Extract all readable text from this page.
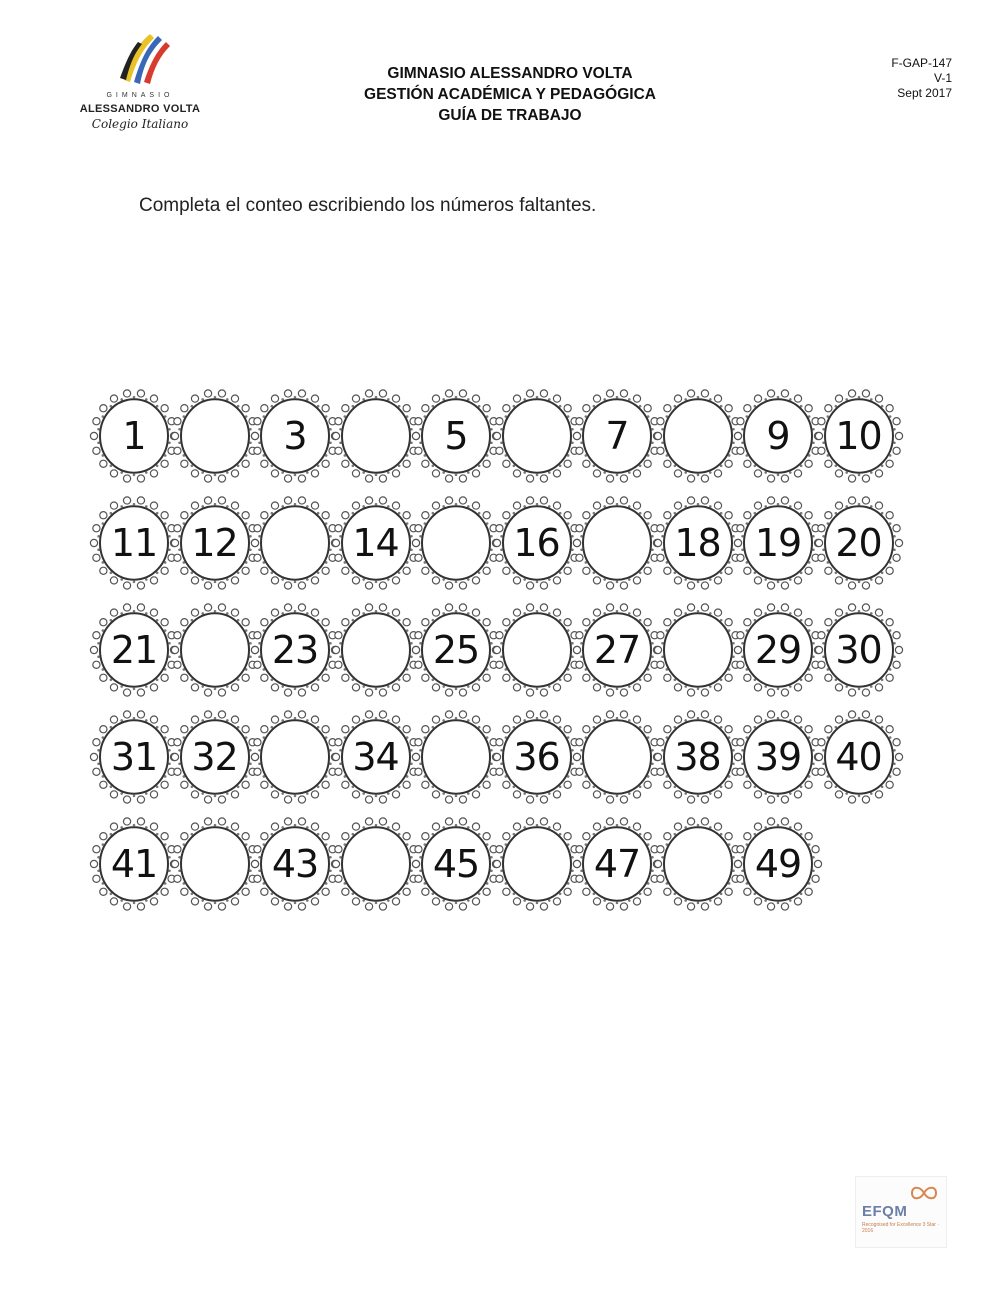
GIMNASIO
ALESSANDRO VOLTA
Colegio Italiano
GIMNASIO ALESSANDRO VOLTA
GESTIÓN ACADÉMICA Y PEDAGÓGICA
GUÍA DE TRABAJO
F-GAP-147
V-1
Sept 2017
Completa el conteo escribiendo los números faltantes.
1	3	5	7	9	10
11 12	14	16	18 19 20
21	23	25	27	29 30
31 32	34	36	38 39 40
41	43	45	47	49
EFQM
Recognised for Excellence 3 Star · 2016
